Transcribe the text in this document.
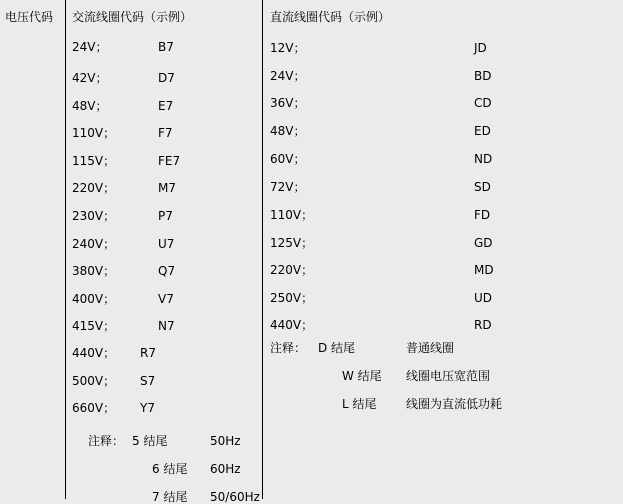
电压代码 交流线圈代码（示例）	直流线圈代码（示例）
24V；	B7
42V；	D7
48V；	E7
110V；	F7
115V；	FE7
220V；	M7
230V；	P7
240V；	U7
380V；	Q7
400V；	V7
415V；	N7
440V； R7
500V； S7
660V； Y7
12V；	JD
24V；	BD
36V；	CD
48V；	ED
60V；	ND
72V；	SD
110V；	FD
125V；	GD
220V；	MD
250V；	UD
440V；	RD
注释： 5 结尾	50Hz
6 结尾 60Hz
7 结尾 50/60Hz
注释： D 结尾	普通线圈
W 结尾 线圈电压宽范围
L 结尾 线圈为直流低功耗
